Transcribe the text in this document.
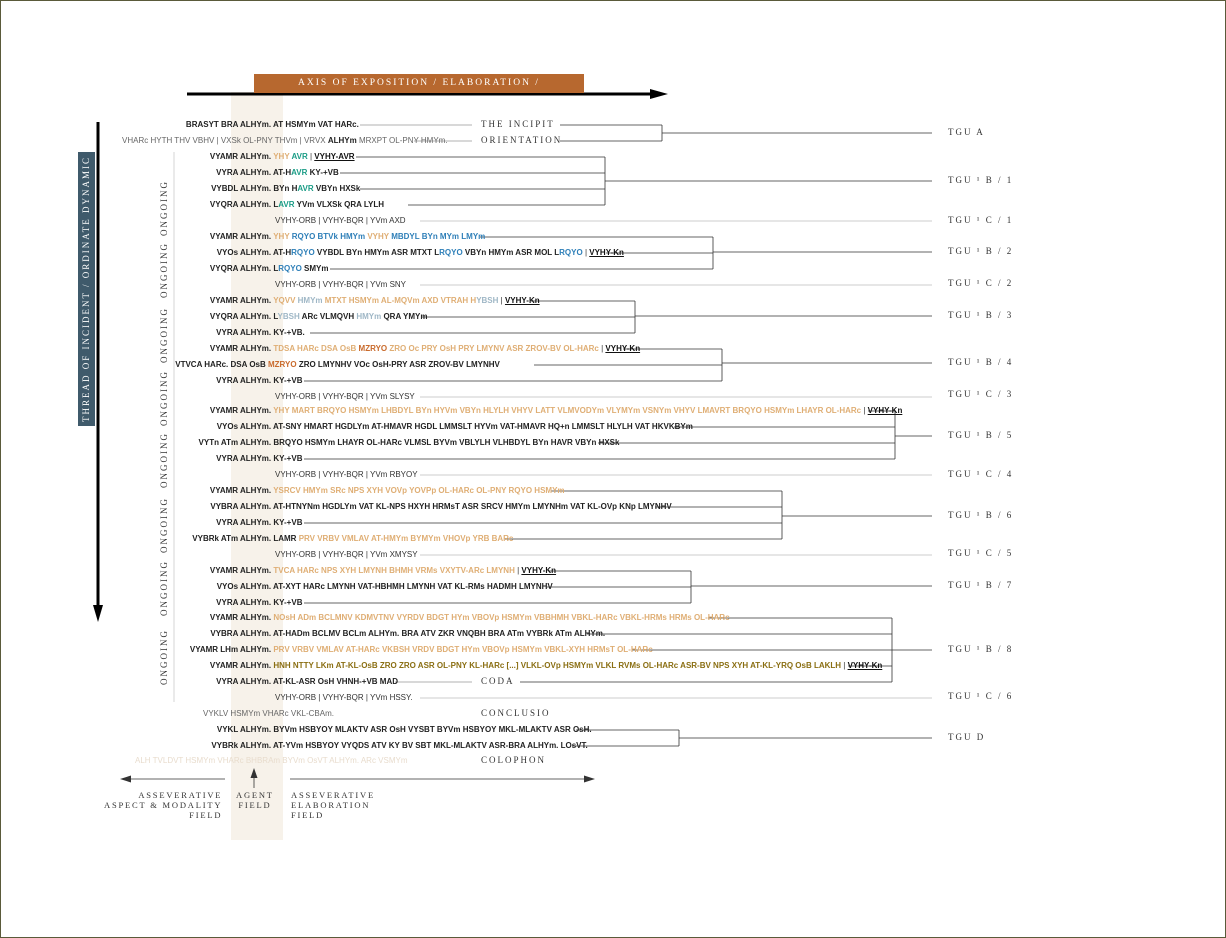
AXIS OF EXPOSITION / ELABORATION / ASSEVERATION
THREAD OF INCIDENT / ORDINATE DYNAMIC	ONGOING
ONGOING
ONGOING
ONGOING
ONGOING
ONGOING
ONGOING
ONGOING
BRASYT BRA ALHYm. AT HSMYm VAT HARc.
VHARc HYTH THV VBHV | VXSk OL-PNY THVm | VRVX ALHYm MRXPT OL-PNY HMYm.
VYAMR ALHYm. YHY AVR | VYHY-AVR
VYRA ALHYm. AT-HAVR KY-+VB
VYBDL ALHYm. BYn HAVR VBYn HXSk
VYQRA ALHYm. LAVR YVm VLXSk QRA LYLH
VYHY-ORB | VYHY-BQR | YVm AXD
VYAMR ALHYm. YHY RQYO BTVk HMYm VYHY MBDYL BYn MYm LMYm
VYOs ALHYm. AT-HRQYO VYBDL BYn HMYm ASR MTXT LRQYO VBYn HMYm ASR MOL LRQYO | VYHY-Kn
VYQRA ALHYm. LRQYO SMYm
VYHY-ORB | VYHY-BQR | YVm SNY
VYAMR ALHYm. YQVV HMYm MTXT HSMYm AL-MQVm AXD VTRAH HYBSH | VYHY-Kn
VYQRA ALHYm. LYBSH ARc VLMQVH HMYm QRA YMYm
VYRA ALHYm. KY-+VB.
VYAMR ALHYm. TDSA HARc DSA OsB MZRYO ZRO Oc PRY OsH PRY LMYNV ASR ZROV-BV OL-HARc | VYHY-Kn
VTVCA HARc. DSA OsB MZRYO ZRO LMYNHV VOc OsH-PRY ASR ZROV-BV LMYNHV
VYRA ALHYm. KY-+VB
VYHY-ORB | VYHY-BQR | YVm SLYSY
VYAMR ALHYm. YHY MART BRQYO HSMYm LHBDYL BYn HYVm VBYn HLYLH VHYV LATT VLMVODYm VLYMYm VSNYm VHYV LMAVRT BRQYO HSMYm LHAYR OL-HARc | VYHY-Kn
VYOs ALHYm. AT-SNY HMART HGDLYm AT-HMAVR HGDL LMMSLT HYVm VAT-HMAVR HQ+n LMMSLT HLYLH VAT HKVKBYm
VYTn ATm ALHYm. BRQYO HSMYm LHAYR OL-HARc VLMSL BYVm VBLYLH VLHBDYL BYn HAVR VBYn HXSk
VYRA ALHYm. KY-+VB
VYHY-ORB | VYHY-BQR | YVm RBYOY
VYAMR ALHYm. YSRCV HMYm SRc NPS XYH VOVp YOVPp OL-HARc OL-PNY RQYO HSMYm
VYBRA ALHYm. AT-HTNYNm HGDLYm VAT KL-NPS HXYH HRMsT ASR SRCV HMYm LMYNHm VAT KL-OVp KNp LMYNHV
VYRA ALHYm. KY-+VB
VYBRk ATm ALHYm. LAMR PRV VRBV VMLAV AT-HMYm BYMYm VHOVp YRB BARc
VYHY-ORB | VYHY-BQR | YVm XMYSY
VYAMR ALHYm. TVCA HARc NPS XYH LMYNH BHMH VRMs VXYTV-ARc LMYNH | VYHY-Kn
VYOs ALHYm. AT-XYT HARc LMYNH VAT-HBHMH LMYNH VAT KL-RMs HADMH LMYNHV
VYRA ALHYm. KY-+VB
VYAMR ALHYm. NOsH ADm BCLMNV KDMVTNV VYRDV BDGT HYm VBOVp HSMYm VBBHMH VBKL-HARc VBKL-HRMs HRMs OL-HARc
VYBRA ALHYm. AT-HADm BCLMV BCLm ALHYm. BRA ATV ZKR VNQBH BRA ATm VYBRk ATm ALHYm.
VYAMR LHm ALHYm. PRV VRBV VMLAV AT-HARc VKBSH VRDV BDGT HYm VBOVp HSMYm VBKL-XYH HRMsT OL-HARc
VYAMR ALHYm. HNH NTTY LKm AT-KL-OsB ZRO ZRO ASR OL-PNY KL-HARc [...] VLKL-OVp HSMYm VLKL RVMs OL-HARc ASR-BV NPS XYH AT-KL-YRQ OsB LAKLH | VYHY-Kn
VYRA ALHYm. AT-KL-ASR OsH VHNH-+VB MAD
VYHY-ORB | VYHY-BQR | YVm HSSY.
VYKLV HSMYm VHARc VKL-CBAm.
VYKL ALHYm. BYVm HSBYOY MLAKTV ASR OsH VYSBT BYVm HSBYOY MKL-MLAKTV ASR OsH.
VYBRk ALHYm. AT-YVm HSBYOY VYQDS ATV KY BV SBT MKL-MLAKTV ASR-BRA ALHYm. LOsVT.
THE INCIPIT
ORIENTATION
CODA
CONCLUSIO
COLOPHON
TGU A
TGU ¹ B / 1
TGU ¹ C / 1
TGU ¹ B / 2
TGU ¹ C / 2
TGU ¹ B / 3
TGU ¹ B / 4
TGU ¹ C / 3
TGU ¹ B / 5
TGU ¹ C / 4
TGU ¹ B / 6
TGU ¹ C / 5
TGU ¹ B / 7
TGU ¹ B / 8
TGU ¹ C / 6
TGU D
ALH TVLDVT HSMYm VHARc BHBRAm BYVm OsVT ALHYm. ARc VSMYm
ASSEVERATIVE
ASPECT & MODALITY
FIELD
AGENT
FIELD
ASSEVERATIVE
ELABORATION
FIELD
